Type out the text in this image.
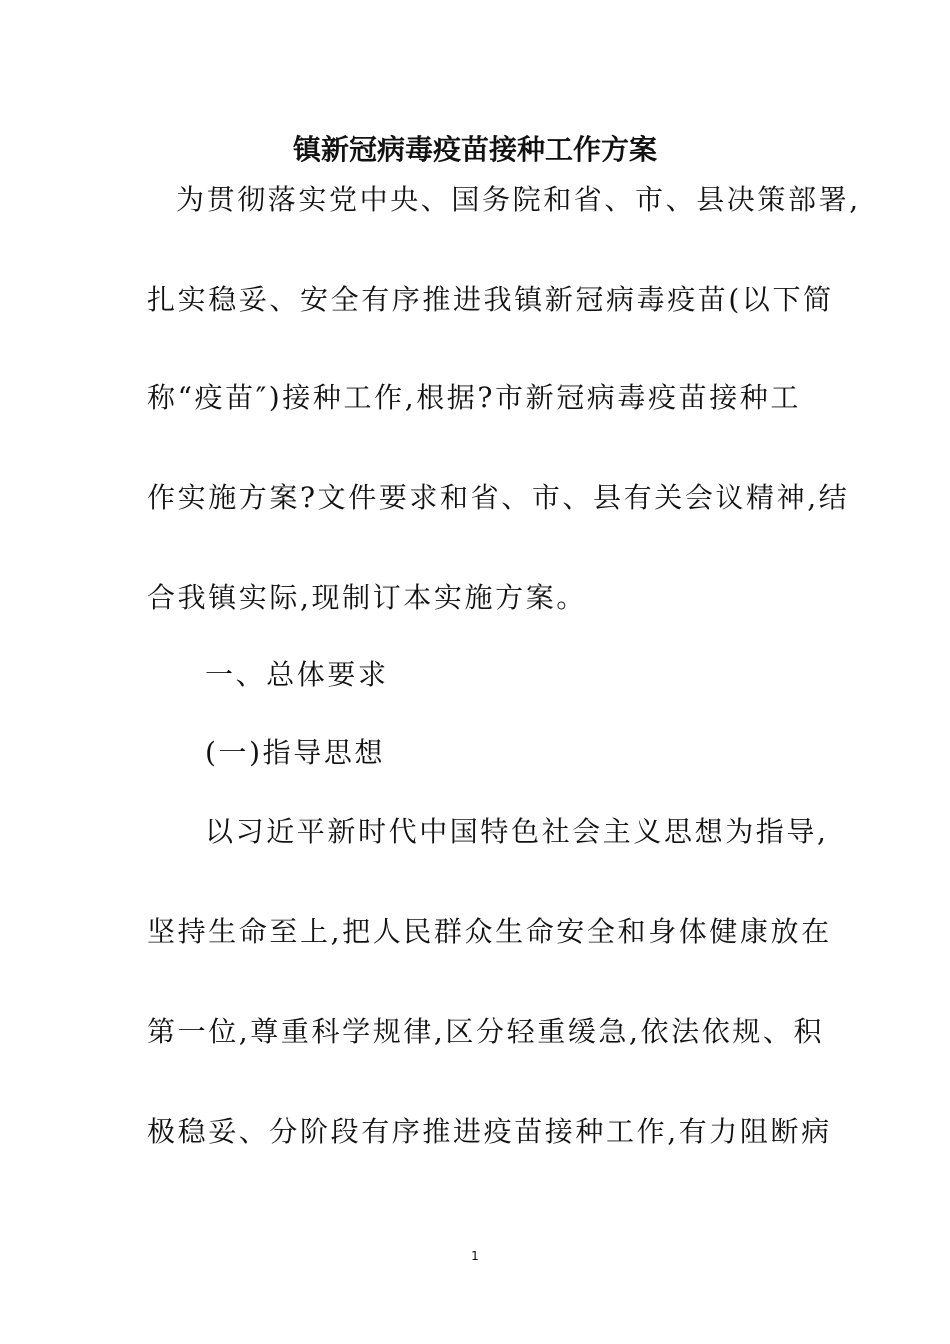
镇新冠病毒疫苗接种工作方案
为贯彻落实党中央、国务院和省、市、县决策部署,
扎实稳妥、安全有序推进我镇新冠病毒疫苗(以下简
称“疫苗″)接种工作,根据?市新冠病毒疫苗接种工
作实施方案?文件要求和省、市、县有关会议精神,结
合我镇实际,现制订本实施方案。
一、总体要求
(一)指导思想
以习近平新时代中国特色社会主义思想为指导,
坚持生命至上,把人民群众生命安全和身体健康放在
第一位,尊重科学规律,区分轻重缓急,依法依规、积
极稳妥、分阶段有序推进疫苗接种工作,有力阻断病
1
